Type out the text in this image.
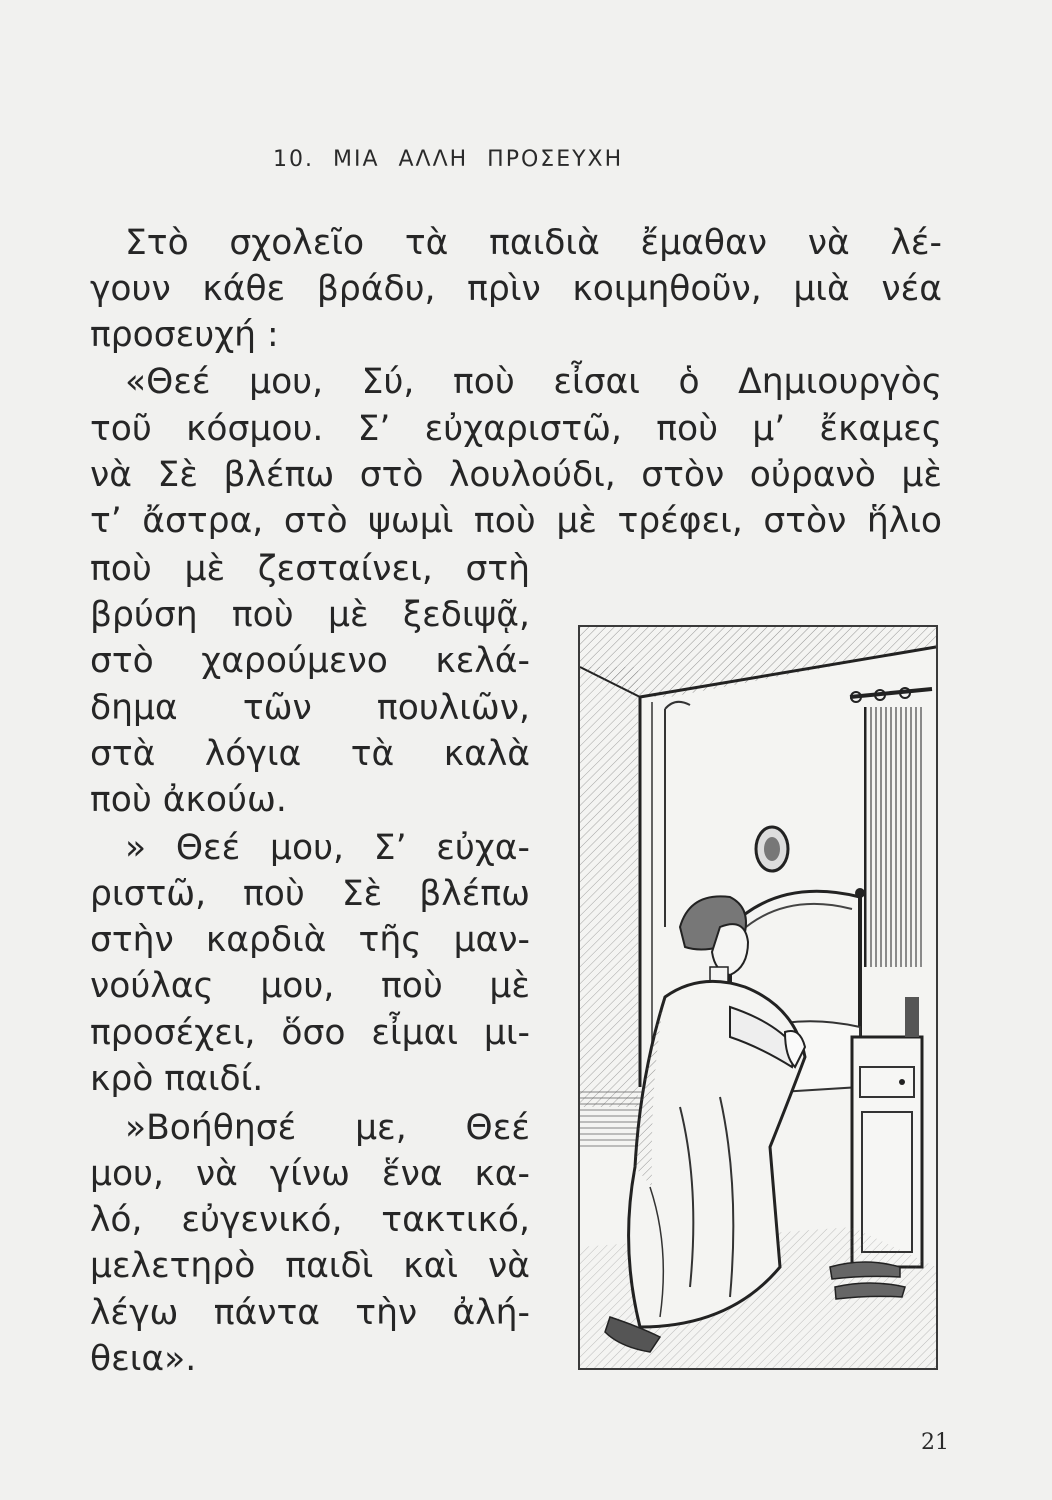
10. ΜΙΑ ΑΛΛΗ ΠΡΟΣΕΥΧΗ

Στὸ σχολεῖο τὰ παιδιὰ ἔμαθαν νὰ λέ-

γουν κάθε βράδυ, πρὶν κοιμηθοῦν, μιὰ νέα

προσευχή :

«Θεέ μου, Σύ, ποὺ εἶσαι ὁ Δημιουργὸς

τοῦ κόσμου. Σ’ εὐχαριστῶ, ποὺ μ’ ἔκαμες

νὰ Σὲ βλέπω στὸ λουλούδι, στὸν οὐρανὸ μὲ

τ’ ἄστρα, στὸ ψωμὶ ποὺ μὲ τρέφει, στὸν ἥλιο

ποὺ μὲ ζεσταίνει, στὴ

βρύση ποὺ μὲ ξεδιψᾷ,

στὸ χαρούμενο κελά-

δημα τῶν πουλιῶν,

στὰ λόγια τὰ καλὰ

ποὺ ἀκούω.

» Θεέ μου, Σ’ εὐχα-

ριστῶ, ποὺ Σὲ βλέπω

στὴν καρδιὰ τῆς μαν-

νούλας μου, ποὺ μὲ

προσέχει, ὅσο εἶμαι μι-

κρὸ παιδί.

»Βοήθησέ με, Θεέ

μου, νὰ γίνω ἕνα κα-

λό, εὐγενικό, τακτικό,

μελετηρὸ παιδὶ καὶ νὰ

λέγω πάντα τὴν ἀλή-

θεια».

21
